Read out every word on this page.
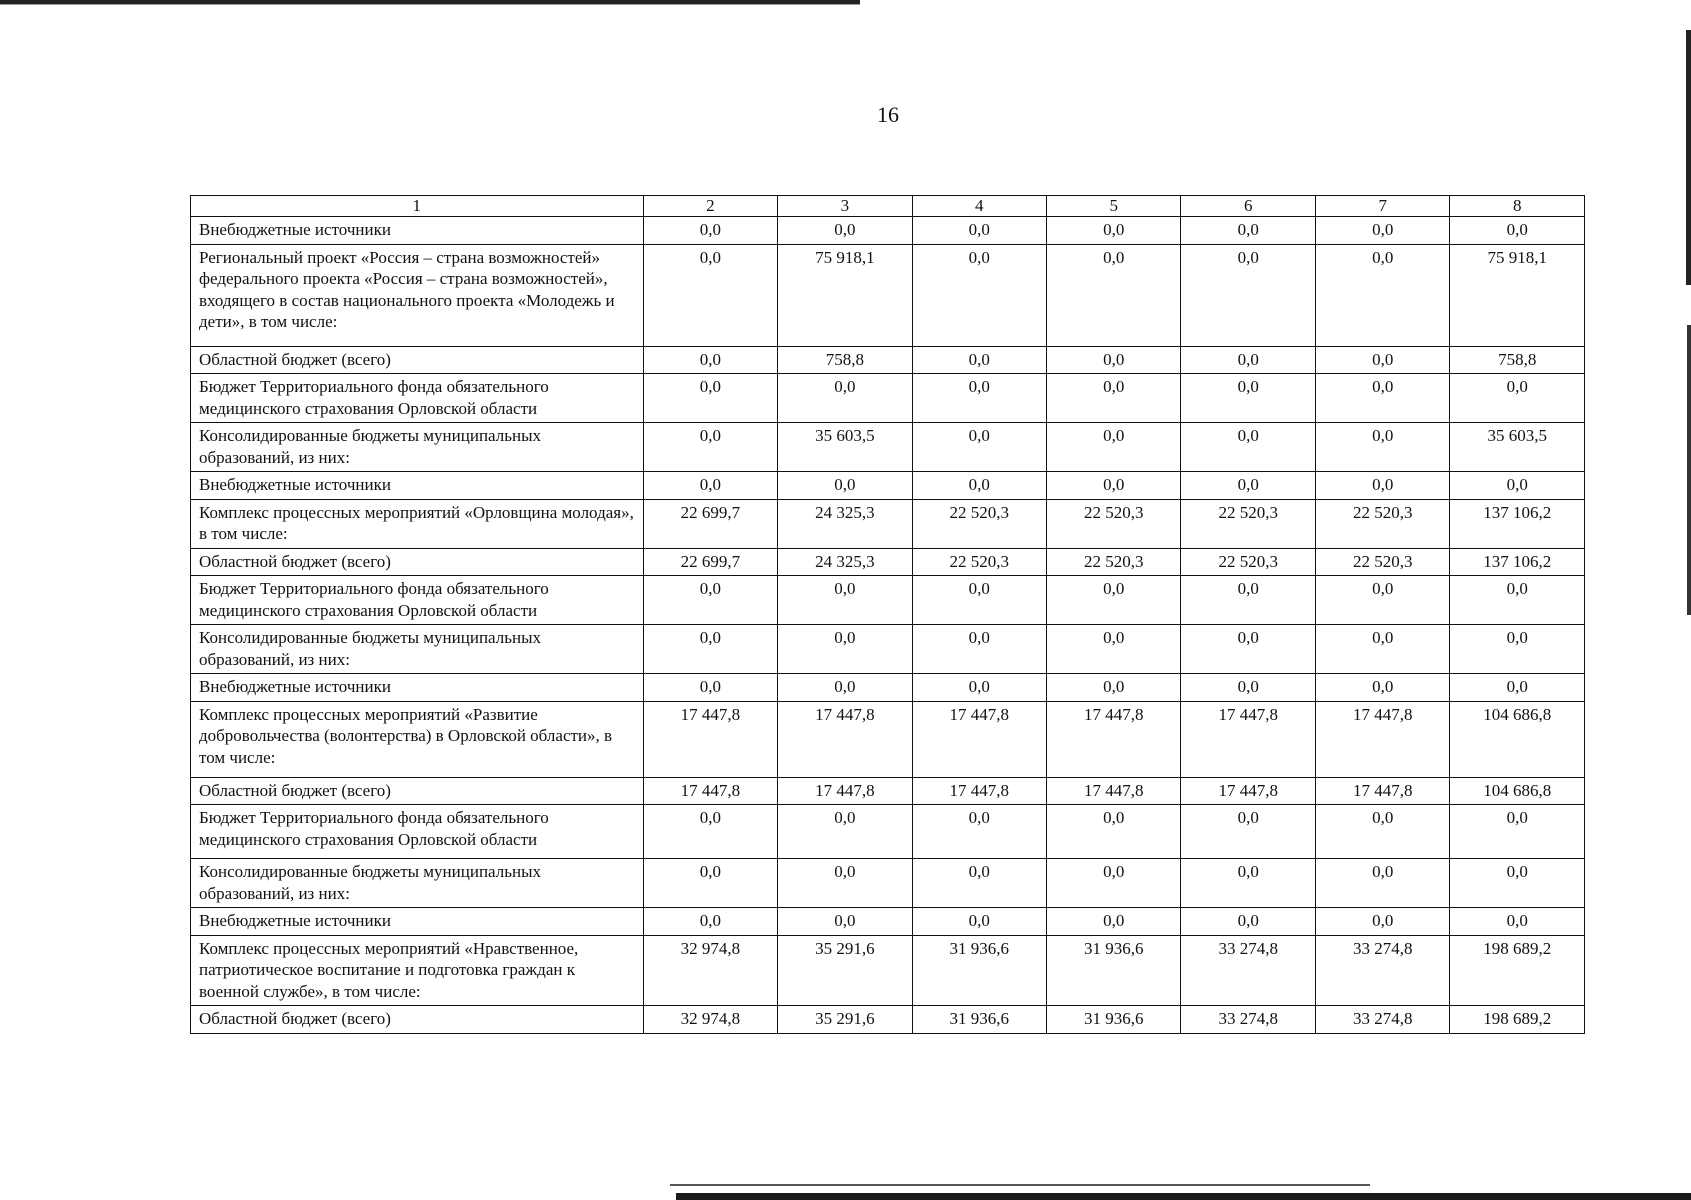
16
1	2	3	4	5	6	7	8
Внебюджетные источники	0,0	0,0	0,0	0,0	0,0	0,0	0,0
Региональный проект «Россия – страна возможностей» федерального проекта «Россия – страна возможностей», входящего в состав национального проекта «Молодежь и дети», в том числе:	0,0	75 918,1	0,0	0,0	0,0	0,0	75 918,1
Областной бюджет (всего)	0,0	758,8	0,0	0,0	0,0	0,0	758,8
Бюджет Территориального фонда обязательного медицинского страхования Орловской области	0,0	0,0	0,0	0,0	0,0	0,0	0,0
Консолидированные бюджеты муниципальных образований, из них:	0,0	35 603,5	0,0	0,0	0,0	0,0	35 603,5
Внебюджетные источники	0,0	0,0	0,0	0,0	0,0	0,0	0,0
Комплекс процессных мероприятий «Орловщина молодая», в том числе:	22 699,7	24 325,3	22 520,3	22 520,3	22 520,3	22 520,3	137 106,2
Областной бюджет (всего)	22 699,7	24 325,3	22 520,3	22 520,3	22 520,3	22 520,3	137 106,2
Бюджет Территориального фонда обязательного медицинского страхования Орловской области	0,0	0,0	0,0	0,0	0,0	0,0	0,0
Консолидированные бюджеты муниципальных образований, из них:	0,0	0,0	0,0	0,0	0,0	0,0	0,0
Внебюджетные источники	0,0	0,0	0,0	0,0	0,0	0,0	0,0
Комплекс процессных мероприятий «Развитие добровольчества (волонтерства) в Орловской области», в том числе:	17 447,8	17 447,8	17 447,8	17 447,8	17 447,8	17 447,8	104 686,8
Областной бюджет (всего)	17 447,8	17 447,8	17 447,8	17 447,8	17 447,8	17 447,8	104 686,8
Бюджет Территориального фонда обязательного медицинского страхования Орловской области	0,0	0,0	0,0	0,0	0,0	0,0	0,0
Консолидированные бюджеты муниципальных образований, из них:	0,0	0,0	0,0	0,0	0,0	0,0	0,0
Внебюджетные источники	0,0	0,0	0,0	0,0	0,0	0,0	0,0
Комплекс процессных мероприятий «Нравственное, патриотическое воспитание и подготовка граждан к военной службе», в том числе:	32 974,8	35 291,6	31 936,6	31 936,6	33 274,8	33 274,8	198 689,2
Областной бюджет (всего)	32 974,8	35 291,6	31 936,6	31 936,6	33 274,8	33 274,8	198 689,2
